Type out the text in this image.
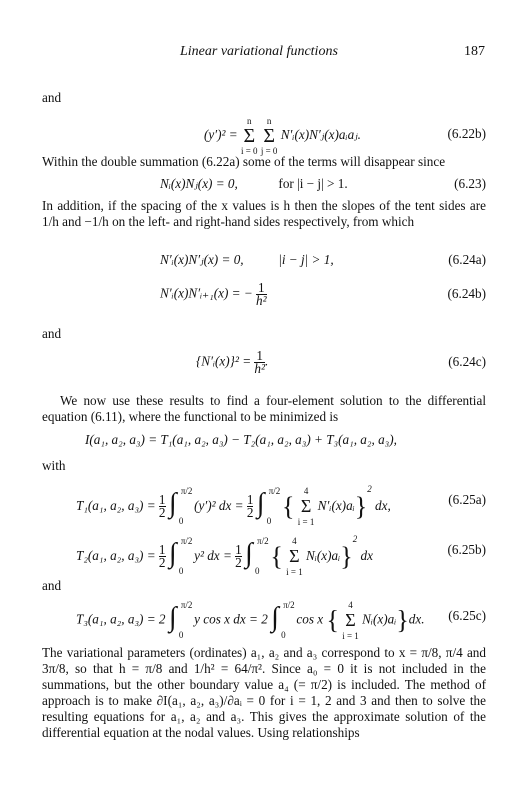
Linear variational functions	187
and
(y′)² =
n
Σ
i = 0

n
Σ
j = 0
N′ᵢ(x)N′ⱼ(x)aᵢaⱼ.	(6.22b)
Within the double summation (6.22a) some of the terms will disappear since
Nᵢ(x)Nⱼ(x) = 0,	for |i − j| > 1.	(6.23)
In addition, if the spacing of the x values is h then the slopes of the tent sides are 1/h and −1/h on the left- and right-hand sides respectively, from which
N′ᵢ(x)N′ⱼ(x) = 0,	|i − j| > 1,	(6.24a)
N′ᵢ(x)N′ᵢ₊₁(x) = − $\frac{1}{\text{h²}}$	(6.24b)
and
{N′ᵢ(x)}² = $\frac{1}{\text{h²}}$ .	(6.24c)
We now use these results to find a four-element solution to the differential equation (6.11), where the functional to be minimized is
I(a₁, a₂, a₃) = T₁(a₁, a₂, a₃) − T₂(a₁, a₂, a₃) + T₃(a₁, a₂, a₃),
with
T₁(a₁, a₂, $a_3) = \frac{1}{2}$
∫ π/2
0
(y′)² dx = $\frac{1}{2}$
∫ π/2
0 {
4
Σ
i = 1
N′ᵢ(x)aᵢ}$^2$ dx,	(6.25a)
T₂(a₁, a₂, $a_3) = \frac{1}{2}$
∫ π/2
0
y² dx = $\frac{1}{2}$
∫ π/2
0 {
4
Σ
i = 1
Nᵢ(x)aᵢ}$^2$ dx	(6.25b)
and
T₃(a₁, a₂, a₃) = 2 ∫ π/2
0
y cos x dx = 2 ∫ π/2
0
cos x {
4
Σ
i = 1
Nᵢ(x)aᵢ}dx. (6.25c)
The variational parameters (ordinates) a₁, a₂ and a₃ correspond to x = π/8, π/4 and 3π/8, so that h = π/8 and 1/h² = 64/π². Since a₀ = 0 it is not included in the summations, but the other boundary value a₄ (= π/2) is included. The method of approach is to make ∂I(a₁, a₂, a₃)/∂aᵢ = 0 for i = 1, 2 and 3 and then to solve the resulting equations for a₁, a₂ and a₃. This gives the approximate solution of the differential equation at the nodal values. Using relationships
